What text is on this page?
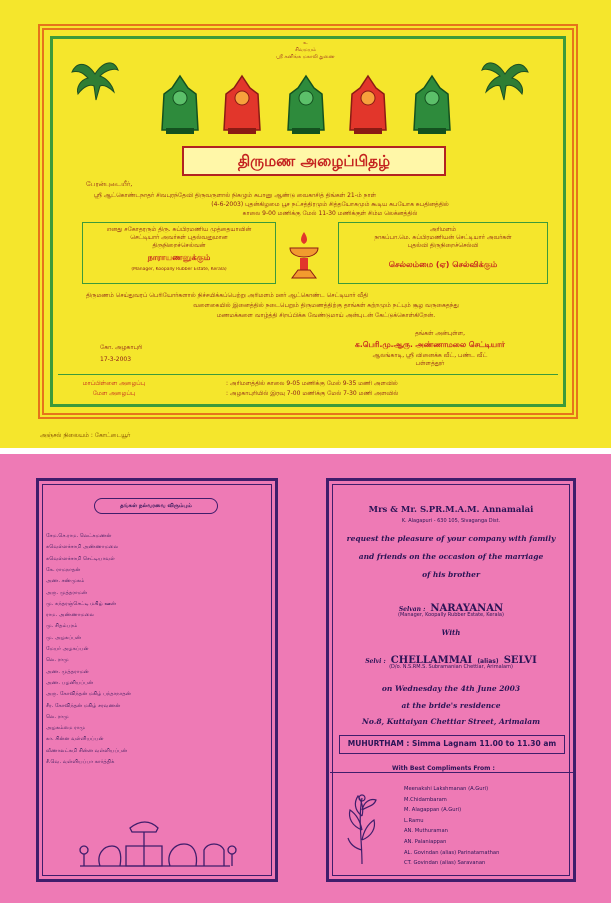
உ
சிவமயம்
ஸ்ரீ கனிங்க மகாலி துணை
திருமண அழைப்பிதழ்
பேரன்புடையீர்,
ஸ்ரீ ஆட்கொண்டநாதர் சிவபுரந்தேவி திருவருளால் நிகழும் சுபானு ஆண்டு வைகாசித் திங்கள் 21-ம் நாள்
(4-6-2003) புதன்கிழமை பூச நட்சத்திரமும் சித்தயோகமும் கூடிய சுபயோக சுபதினத்தில்
காலை 9-00 மணிக்கு மேல் 11-30 மணிக்குள் சிம்ம லெக்னத்தில்
எனது சகோதரரும் திரு. சுப்பிரமணிய முத்தையாவின்
செட்டியார் அவர்கள் புதல்வனுமான
திருநிறைச்செல்வன்
நாராயணனுக்கும்
(Manager, Koopally Rubber Estate, Kerala)
அரிமளம்
நாகப்பா.மெ. சுப்பிரமணியன் செட்டியார் அவர்கள்
புதல்வி திருநிறைச்செல்வி
செல்லம்மை (ஏ) செல்விக்கும்
திருமணம் செய்துவரப் பெரியோர்களால் நிச்சயிக்கப்பெற்று அரிமளம் ஊர் ஆட்கொண்ட செட்டியார் வீதி
வளைகையில் இனைத்தில் நடைபெறும் திருமணத்திற்கு தாங்கள் சுற்றமும் நட்பும் சூழ வருகைதந்து
மணமக்களை வாழ்த்தி சிறப்பிக்க வேண்டுமாய் அன்புடன் கேட்டுக்கொள்கிறேன்.
தங்கள் அன்புள்ள,
க.பெரி.மு.ஆரு. அண்ணாமலை செட்டியார்
ஆலங்காடி, ஸ்ரீ வினைக்க வீட், பண்ட வீட்
பள்ளத்தூர்
கோ. அழகாபுரி
17-3-2003
மாப்பிள்ளை அழைப்பு	: அரிமளத்தில் காலை 9-05 மணிக்கு மேல் 9-35 மணி அளவில்
மேள அழைப்பு	: அழகாபுரியில் இரவு 7-00 மணிக்கு மேல் 7-30 மணி அளவில்
அஞ்சல் நிலையம் : கோட்டையூர்
தங்கள் நல்வரவை விரும்பும்
சேம.செ.ராம. லெட்சுமணன்
சுவெள்ளச்சாமி அண்ணாமலை
சுவெள்ளச்சாமி செட்டியாவள்
கே. ராமநாதன்
அண. சண்முகம்
அரு. முத்தராமன்
மு. சுந்தரஞ்செட்டி மகிழ் ஊன்
ராம. அண்ணாமலை
மு. சிதம்பரம்
மு. அழகப்பன்
மேயர் அழகப்பன்
லெ. ராமு
அண. முத்தராமன்
அண. பழனியப்பன்
அரு. கோவிந்தன் மகிழ் பந்தாநாதன்
சீர. கோவிந்தன் மகிழ் சரவணன்
லெ. ராமு
அழகம்மை ராமு
கா. சின்ன வள்ளியப்பன்
வீணாலட்சுமி சின்ன வள்ளியப்பன்
சீ.வெ. வள்ளியப்பா கார்த்திக்
Mrs & Mr. S.PR.M.A.M. Annamalai
K. Alagapuri - 630 105, Sivaganga Dist.
request the pleasure of your company with family
and friends on the occasion of the marriage
of his brother
Selvan : NARAYANAN
(Manager, Koopally Rubber Estate, Kerala)
With
Selvi : CHELLAMMAI (alias) SELVI
(D/o. N.S.RM.S. Subramanian Chettiar, Arimalam)
on Wednesday the 4th June 2003
at the bride's residence
No.8, Kuttaiyan Chettiar Street, Arimalam
MUHURTHAM : Simma Lagnam 11.00 to 11.30 am
With Best Compliments From :
Meenakshi Lakshmanan (A.Guri)
M.Chidambaram
M. Alagappan (A.Guri)
L.Ramu
AN. Muthuraman
AN. Palaniappan
AL. Govindan (alias) Parinatarnathan
CT. Govindan (alias) Saravanan
